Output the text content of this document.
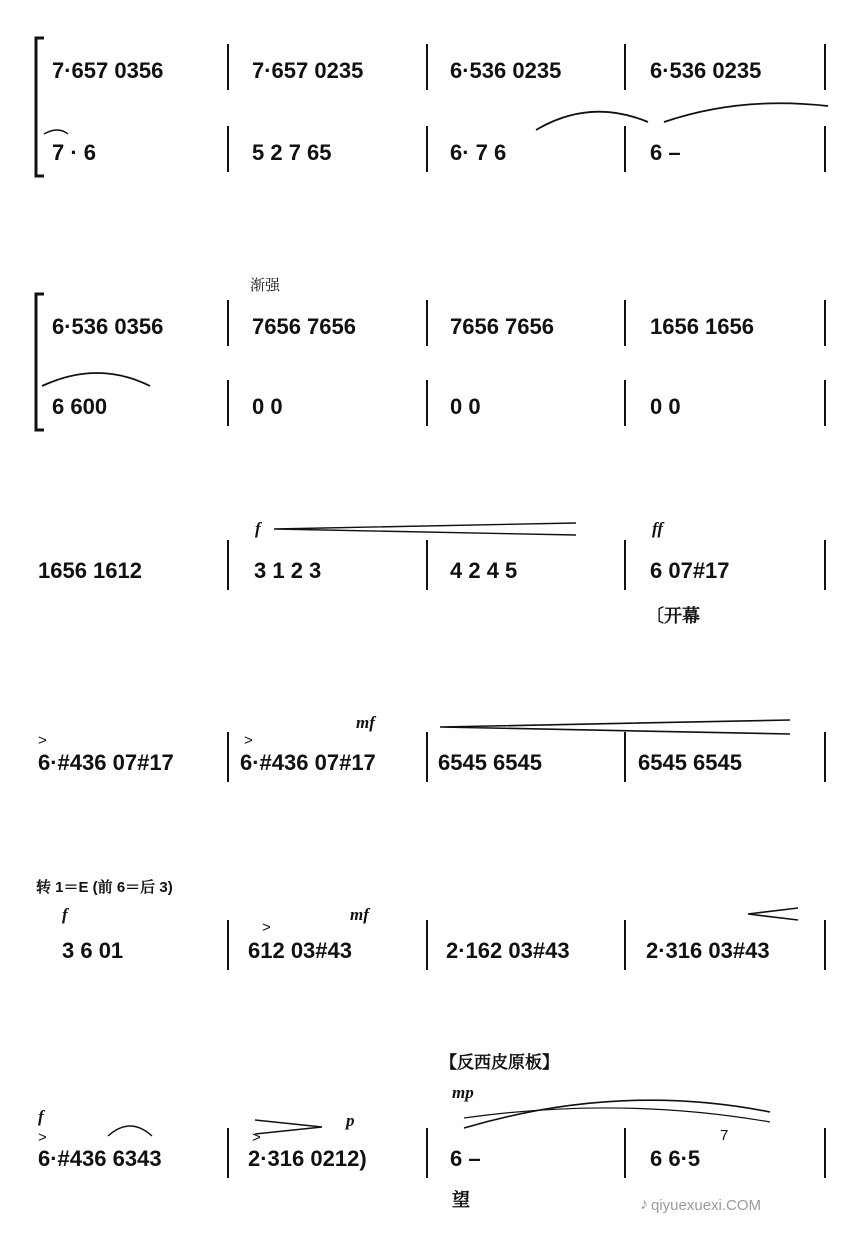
7·657 0356	7·657 0235	6·536 0235	6·536 0235
7 · 6	5 2 7 65	6· 7 6	6 –
6·536 0356	7656 7656	7656 7656	1656 1656
6 600	0 0	0 0	0 0
渐强
1656 1612	3 1 2 3	4 2 4 5	6 07#17
f	ff
〔开幕
6·#436 07#17	6·#436 07#17	6545 6545	6545 6545
mf
>	>
3 6 01	612 03#43	2·162 03#43	2·316 03#43
转 1＝E (前 6＝后 3)
f	mf
>
6·#436 6343	2·316 0212)	6 –	6 6·5
【反西皮原板】
f	p
mp
望
7
>	>
♪ qiyuexuexi.COM
